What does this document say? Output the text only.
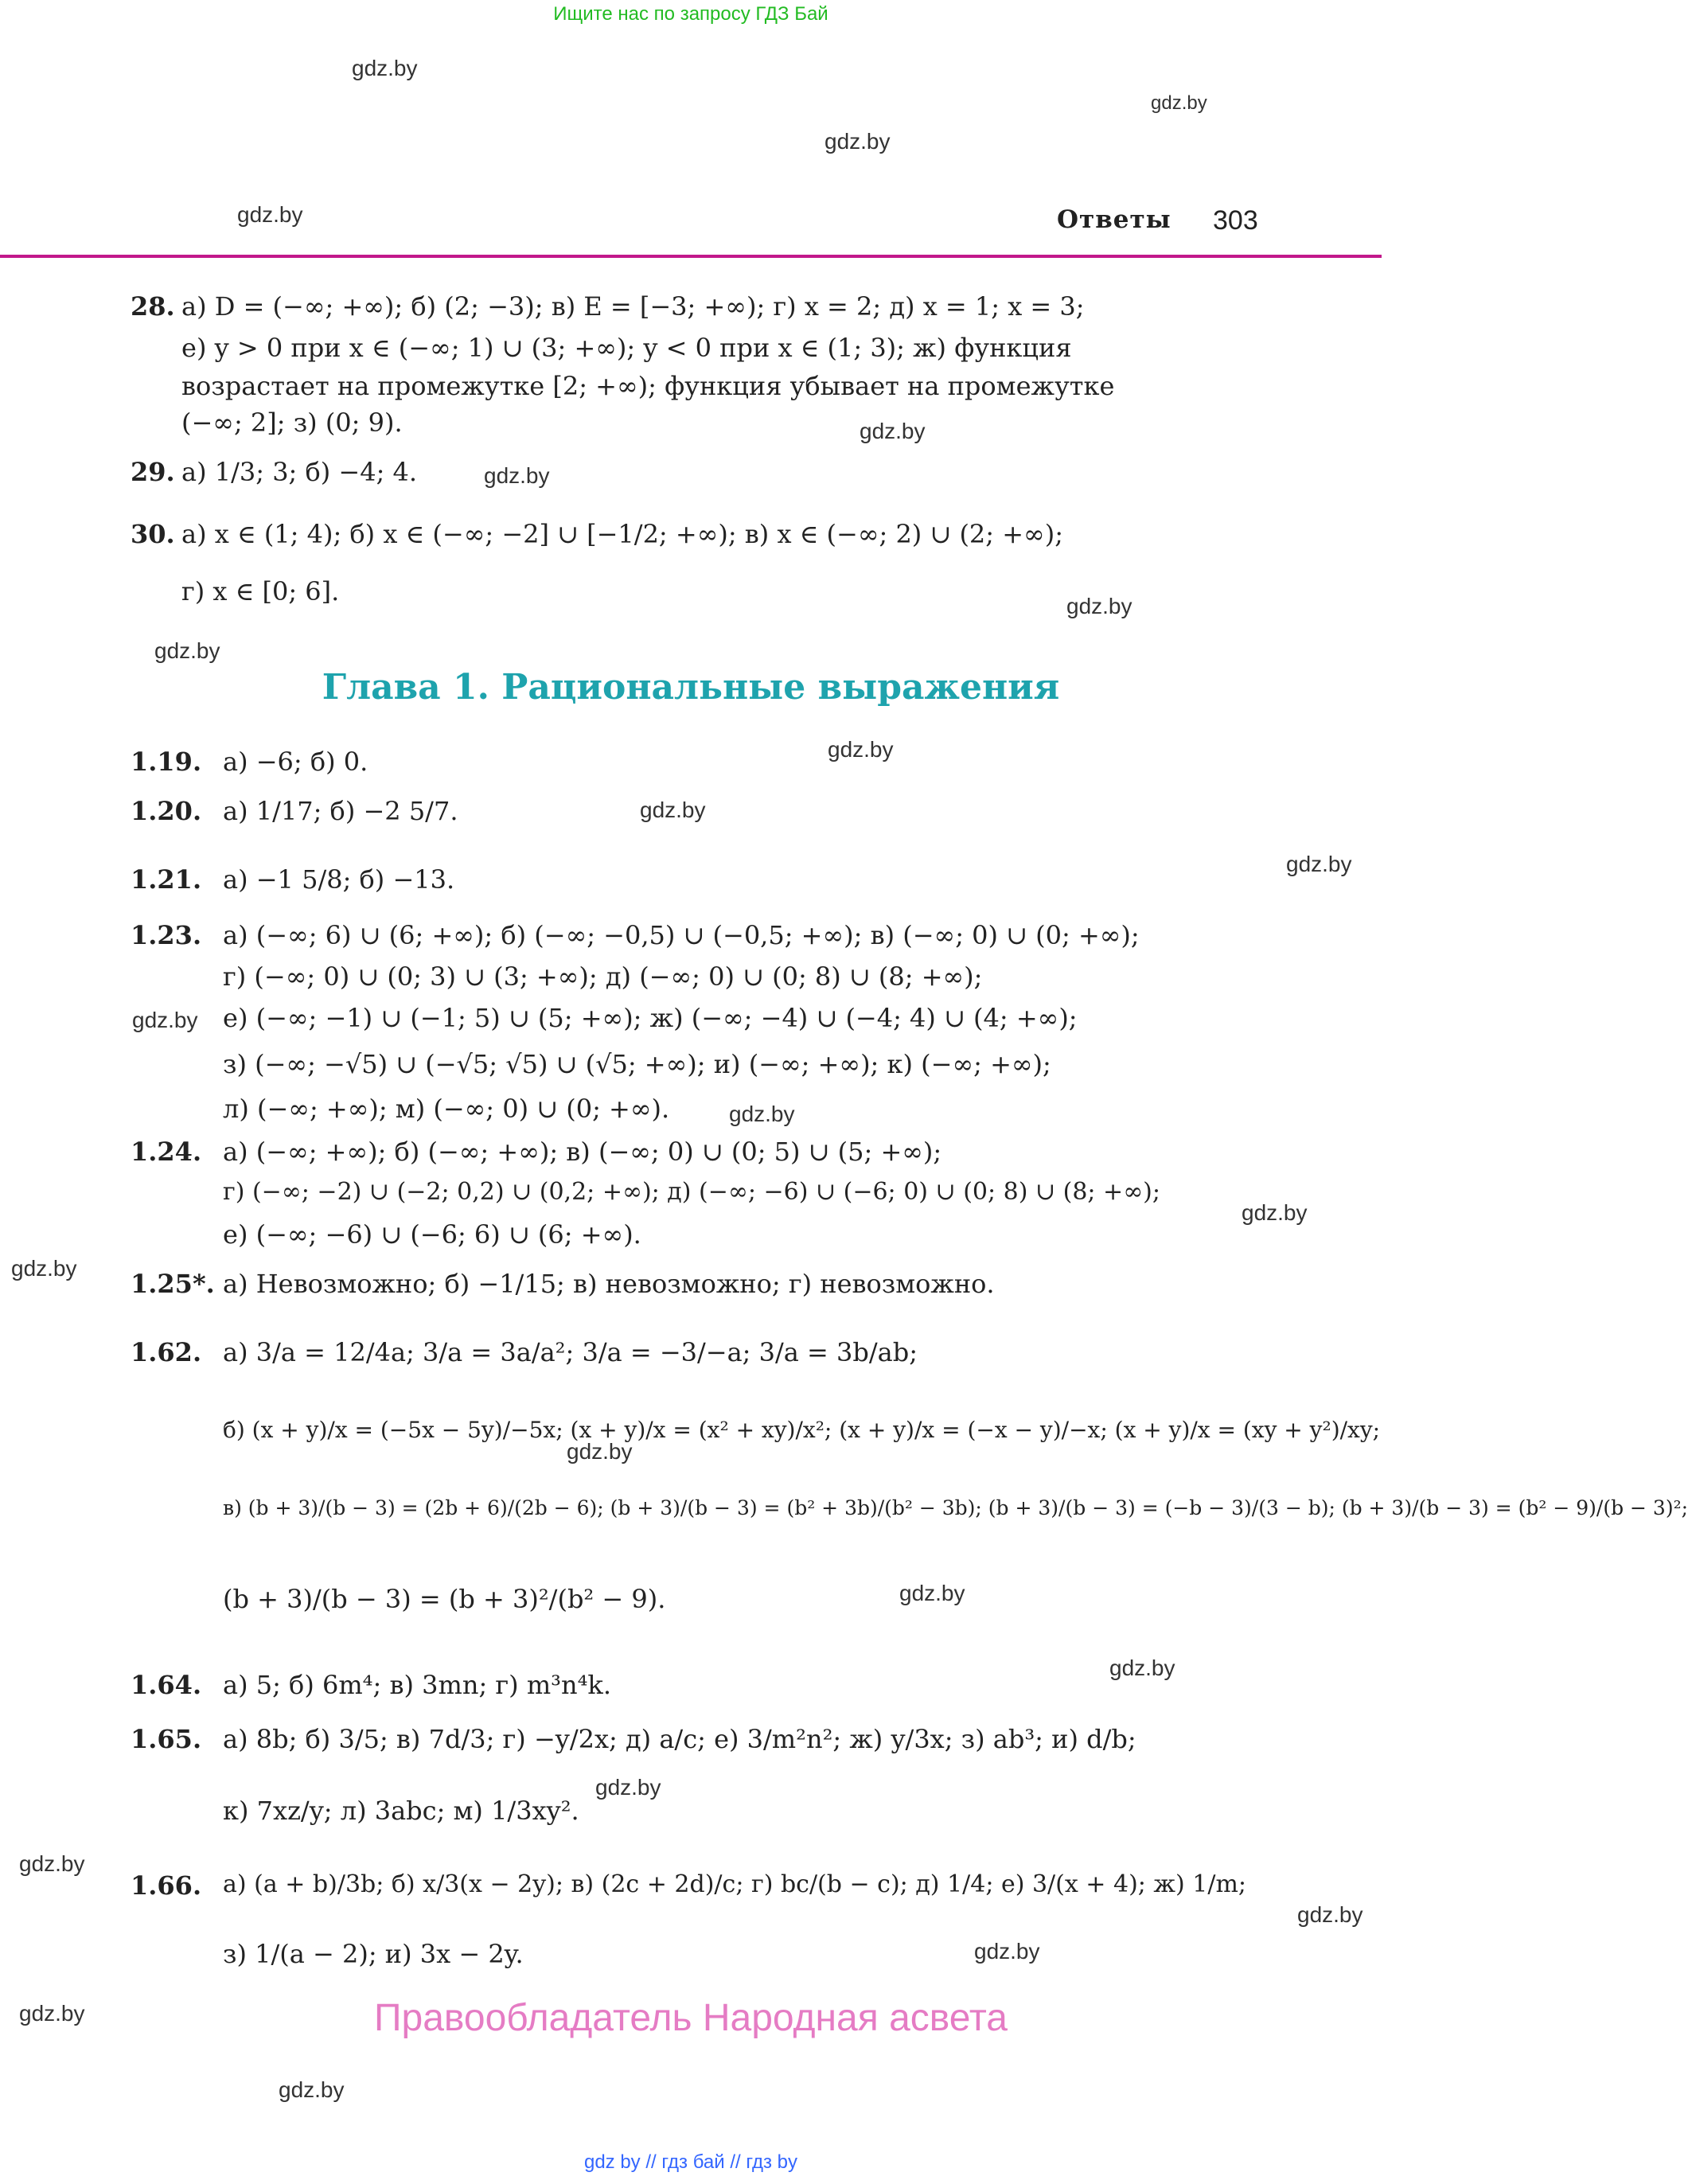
Ищите нас по запросу ГДЗ Бай
gdz.by
gdz.by
gdz.by
gdz.by
gdz.by
gdz.by
gdz.by
gdz.by
gdz.by
gdz.by
gdz.by
gdz.by
gdz.by
gdz.by
gdz.by
gdz.by
gdz.by
gdz.by
gdz.by
gdz.by
gdz.by
gdz.by
gdz.by
gdz.by
Ответы 303
28. а) D = (−∞; +∞); б) (2; −3); в) E = [−3; +∞); г) x = 2; д) x = 1; x = 3;
е) y > 0 при x ∈ (−∞; 1) ∪ (3; +∞); y < 0 при x ∈ (1; 3); ж) функция
возрастает на промежутке [2; +∞); функция убывает на промежутке
(−∞; 2]; з) (0; 9).
29. а) 1/3; 3; б) −4; 4.
30. а) x ∈ (1; 4); б) x ∈ (−∞; −2] ∪ [−1/2; +∞); в) x ∈ (−∞; 2) ∪ (2; +∞);
г) x ∈ [0; 6].
Глава 1. Рациональные выражения
1.19. а) −6; б) 0.
1.20. а) 1/17; б) −2 5/7.
1.21. а) −1 5/8; б) −13.
1.23. а) (−∞; 6) ∪ (6; +∞); б) (−∞; −0,5) ∪ (−0,5; +∞); в) (−∞; 0) ∪ (0; +∞);
г) (−∞; 0) ∪ (0; 3) ∪ (3; +∞); д) (−∞; 0) ∪ (0; 8) ∪ (8; +∞);
е) (−∞; −1) ∪ (−1; 5) ∪ (5; +∞); ж) (−∞; −4) ∪ (−4; 4) ∪ (4; +∞);
з) (−∞; −√5) ∪ (−√5; √5) ∪ (√5; +∞); и) (−∞; +∞); к) (−∞; +∞);
л) (−∞; +∞); м) (−∞; 0) ∪ (0; +∞).
1.24. а) (−∞; +∞); б) (−∞; +∞); в) (−∞; 0) ∪ (0; 5) ∪ (5; +∞);
г) (−∞; −2) ∪ (−2; 0,2) ∪ (0,2; +∞); д) (−∞; −6) ∪ (−6; 0) ∪ (0; 8) ∪ (8; +∞);
е) (−∞; −6) ∪ (−6; 6) ∪ (6; +∞).
1.25*. а) Невозможно; б) −1/15; в) невозможно; г) невозможно.
1.62. а) 3/a = 12/4a; 3/a = 3a/a²; 3/a = −3/−a; 3/a = 3b/ab;
б) (x + y)/x = (−5x − 5y)/−5x; (x + y)/x = (x² + xy)/x²; (x + y)/x = (−x − y)/−x; (x + y)/x = (xy + y²)/xy;
в) (b + 3)/(b − 3) = (2b + 6)/(2b − 6); (b + 3)/(b − 3) = (b² + 3b)/(b² − 3b); (b + 3)/(b − 3) = (−b − 3)/(3 − b); (b + 3)/(b − 3) = (b² − 9)/(b − 3)²;
(b + 3)/(b − 3) = (b + 3)²/(b² − 9).
1.64. а) 5; б) 6m⁴; в) 3mn; г) m³n⁴k.
1.65. а) 8b; б) 3/5; в) 7d/3; г) −y/2x; д) a/c; е) 3/m²n²; ж) y/3x; з) ab³; и) d/b;
к) 7xz/y; л) 3abc; м) 1/3xy².
1.66. а) (a + b)/3b; б) x/3(x − 2y); в) (2c + 2d)/c; г) bc/(b − c); д) 1/4; е) 3/(x + 4); ж) 1/m;
з) 1/(a − 2); и) 3x − 2y.
Правообладатель Народная асвета
gdz by // гдз бай // гдз by
